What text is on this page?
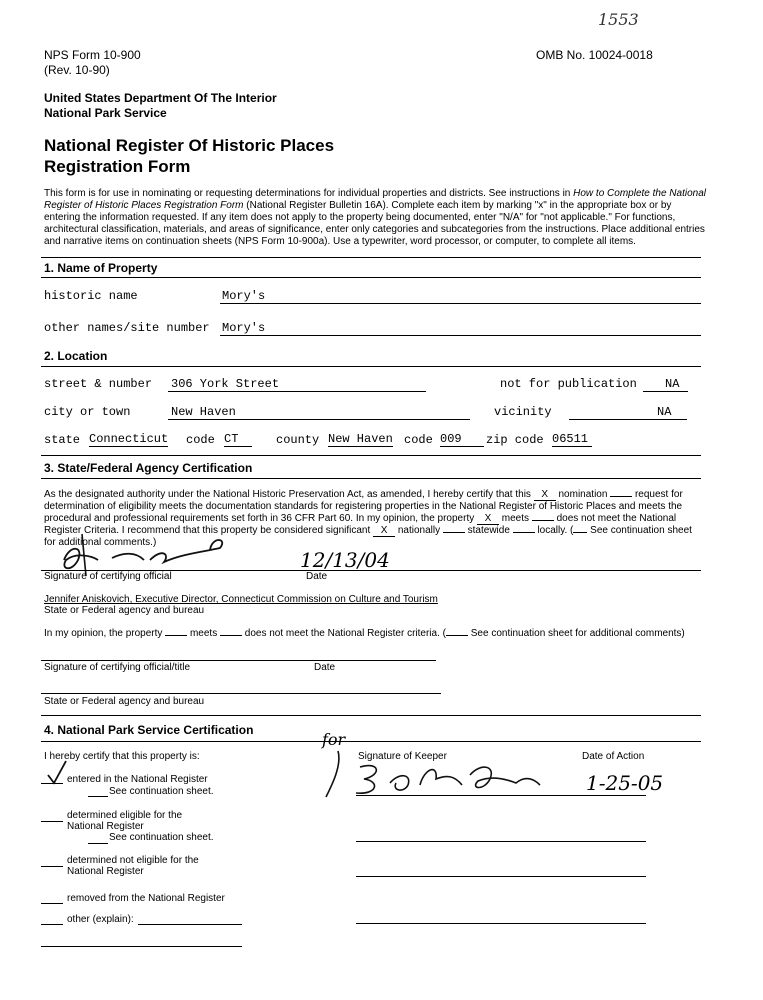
1553
NPS Form 10-900
(Rev. 10-90)
OMB No. 10024-0018
United States Department Of The Interior
National Park Service
National Register Of Historic Places
Registration Form
This form is for use in nominating or requesting determinations for individual properties and districts. See instructions in How to Complete the National Register of Historic Places Registration Form (National Register Bulletin 16A). Complete each item by marking "x" in the appropriate box or by entering the information requested. If any item does not apply to the property being documented, enter "N/A" for "not applicable." For functions, architectural classification, materials, and areas of significance, enter only categories and subcategories from the instructions. Place additional entries and narrative items on continuation sheets (NPS Form 10-900a). Use a typewriter, word processor, or computer, to complete all items.
1. Name of Property
historic name	Mory's
other names/site number Mory's
2. Location
street & number 306 York Street	not for publication NA
city or town	New Haven	vicinity	NA
state Connecticut code CT	county New Haven code 009	zip code 06511
3. State/Federal Agency Certification
As the designated authority under the National Historic Preservation Act, as amended, I hereby certify that this X nomination  request for determination of eligibility meets the documentation standards for registering properties in the National Register of Historic Places and meets the procedural and professional requirements set forth in 36 CFR Part 60. In my opinion, the property X meets  does not meet the National Register Criteria. I recommend that this property be considered significant X nationally  statewide  locally. ( See continuation sheet for additional comments.)
12/13/04
Signature of certifying official	Date
Jennifer Aniskovich, Executive Director, Connecticut Commission on Culture and Tourism
State or Federal agency and bureau
In my opinion, the property  meets  does not meet the National Register criteria. ( See continuation sheet for additional comments)
Signature of certifying official/title	Date
State or Federal agency and bureau
4. National Park Service Certification
I hereby certify that this property is:
for
Signature of Keeper	Date of Action
1-25-05
entered in the National Register
See continuation sheet.
determined eligible for the
National Register
See continuation sheet.
determined not eligible for the
National Register
removed from the National Register
other (explain):
